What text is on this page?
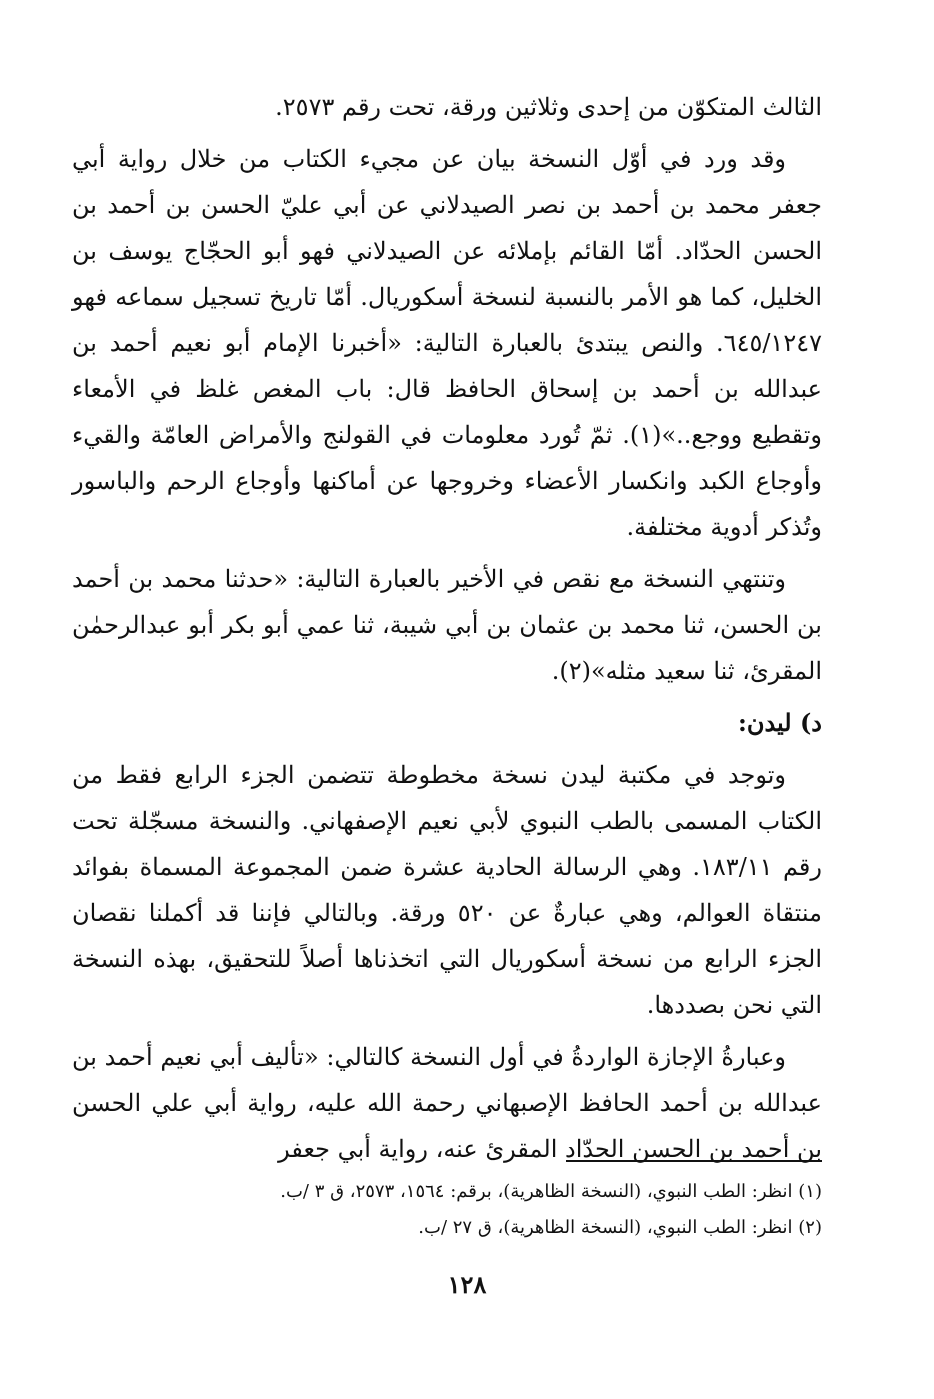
الثالث المتكوّن من إحدى وثلاثين ورقة، تحت رقم ٢٥٧٣.

وقد ورد في أوّل النسخة بيان عن مجيء الكتاب من خلال رواية أبي جعفر محمد بن أحمد بن نصر الصيدلاني عن أبي عليّ الحسن بن أحمد بن الحسن الحدّاد. أمّا القائم بإملائه عن الصيدلاني فهو أبو الحجّاج يوسف بن الخليل، كما هو الأمر بالنسبة لنسخة أسكوريال. أمّا تاريخ تسجيل سماعه فهو ٦٤٥/١٢٤٧. والنص يبتدئ بالعبارة التالية: «أخبرنا الإمام أبو نعيم أحمد بن عبدالله بن أحمد بن إسحاق الحافظ قال: باب المغص غلظ في الأمعاء وتقطيع ووجع..»(١). ثمّ تُورد معلومات في القولنج والأمراض العامّة والقيء وأوجاع الكبد وانكسار الأعضاء وخروجها عن أماكنها وأوجاع الرحم والباسور وتُذكر أدوية مختلفة.

وتنتهي النسخة مع نقص في الأخير بالعبارة التالية: «حدثنا محمد بن أحمد بن الحسن، ثنا محمد بن عثمان بن أبي شيبة، ثنا عمي أبو بكر أبو عبدالرحمٰن المقرئ، ثنا سعيد مثله»(٢).

د) ليدن:

وتوجد في مكتبة ليدن نسخة مخطوطة تتضمن الجزء الرابع فقط من الكتاب المسمى بالطب النبوي لأبي نعيم الإصفهاني. والنسخة مسجّلة تحت رقم ١٨٣/١١. وهي الرسالة الحادية عشرة ضمن المجموعة المسماة بفوائد منتقاة العوالم، وهي عبارةٌ عن ٥٢٠ ورقة. وبالتالي فإننا قد أكملنا نقصان الجزء الرابع من نسخة أسكوريال التي اتخذناها أصلاً للتحقيق، بهذه النسخة التي نحن بصددها.

وعبارةُ الإجازة الواردةُ في أول النسخة كالتالي: «تأليف أبي نعيم أحمد بن عبدالله بن أحمد الحافظ الإصبهاني رحمة الله عليه، رواية أبي علي الحسن بن أحمد بن الحسن الحدّاد المقرئ عنه، رواية أبي جعفر

(١) انظر: الطب النبوي، (النسخة الظاهرية)، برقم: ١٥٦٤، ٢٥٧٣، ق ٣ /ب.

(٢) انظر: الطب النبوي، (النسخة الظاهرية)، ق ٢٧ /ب.

١٢٨
